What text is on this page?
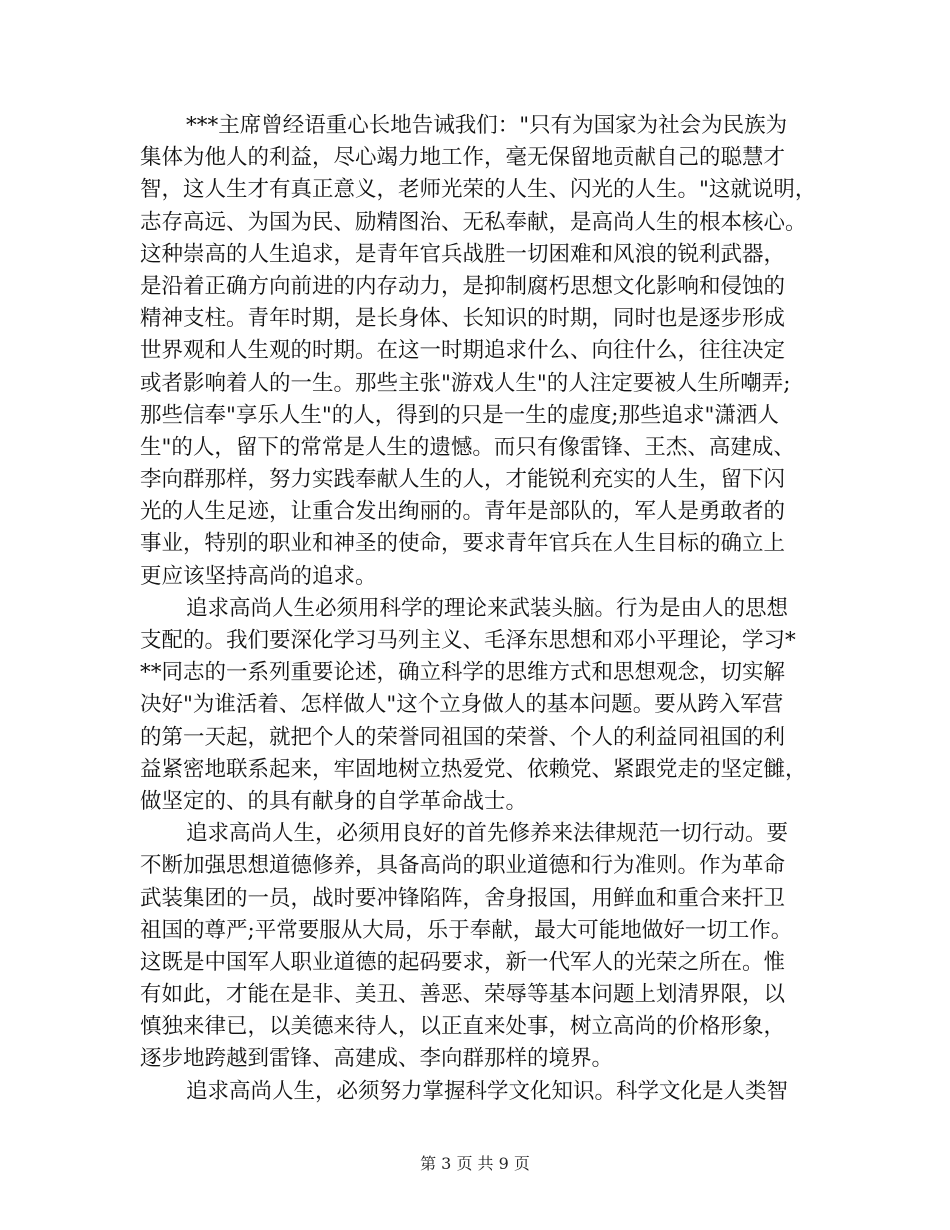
***主席曾经语重心长地告诫我们："只有为国家为社会为民族为
集体为他人的利益，尽心竭力地工作，毫无保留地贡献自己的聪慧才
智，这人生才有真正意义，老师光荣的人生、闪光的人生。"这就说明，
志存高远、为国为民、励精图治、无私奉献，是高尚人生的根本核心。
这种崇高的人生追求，是青年官兵战胜一切困难和风浪的锐利武器，
是沿着正确方向前进的内存动力，是抑制腐朽思想文化影响和侵蚀的
精神支柱。青年时期，是长身体、长知识的时期，同时也是逐步形成
世界观和人生观的时期。在这一时期追求什么、向往什么，往往决定
或者影响着人的一生。那些主张"游戏人生"的人注定要被人生所嘲弄;
那些信奉"享乐人生"的人，得到的只是一生的虚度;那些追求"潇洒人
生"的人，留下的常常是人生的遗憾。而只有像雷锋、王杰、高建成、
李向群那样，努力实践奉献人生的人，才能锐利充实的人生，留下闪
光的人生足迹，让重合发出绚丽的。青年是部队的，军人是勇敢者的
事业，特别的职业和神圣的使命，要求青年官兵在人生目标的确立上
更应该坚持高尚的追求。
追求高尚人生必须用科学的理论来武装头脑。行为是由人的思想
支配的。我们要深化学习马列主义、毛泽东思想和邓小平理论，学习*
**同志的一系列重要论述，确立科学的思维方式和思想观念，切实解
决好"为谁活着、怎样做人"这个立身做人的基本问题。要从跨入军营
的第一天起，就把个人的荣誉同祖国的荣誉、个人的利益同祖国的利
益紧密地联系起来，牢固地树立热爱党、依赖党、紧跟党走的坚定雠，
做坚定的、的具有献身的自学革命战士。
追求高尚人生，必须用良好的首先修养来法律规范一切行动。要
不断加强思想道德修养，具备高尚的职业道德和行为准则。作为革命
武装集团的一员，战时要冲锋陷阵，舍身报国，用鲜血和重合来扞卫
祖国的尊严;平常要服从大局，乐于奉献，最大可能地做好一切工作。
这既是中国军人职业道德的起码要求，新一代军人的光荣之所在。惟
有如此，才能在是非、美丑、善恶、荣辱等基本问题上划清界限，以
慎独来律已，以美德来待人，以正直来处事，树立高尚的价格形象，
逐步地跨越到雷锋、高建成、李向群那样的境界。
追求高尚人生，必须努力掌握科学文化知识。科学文化是人类智
第 3 页 共 9 页
